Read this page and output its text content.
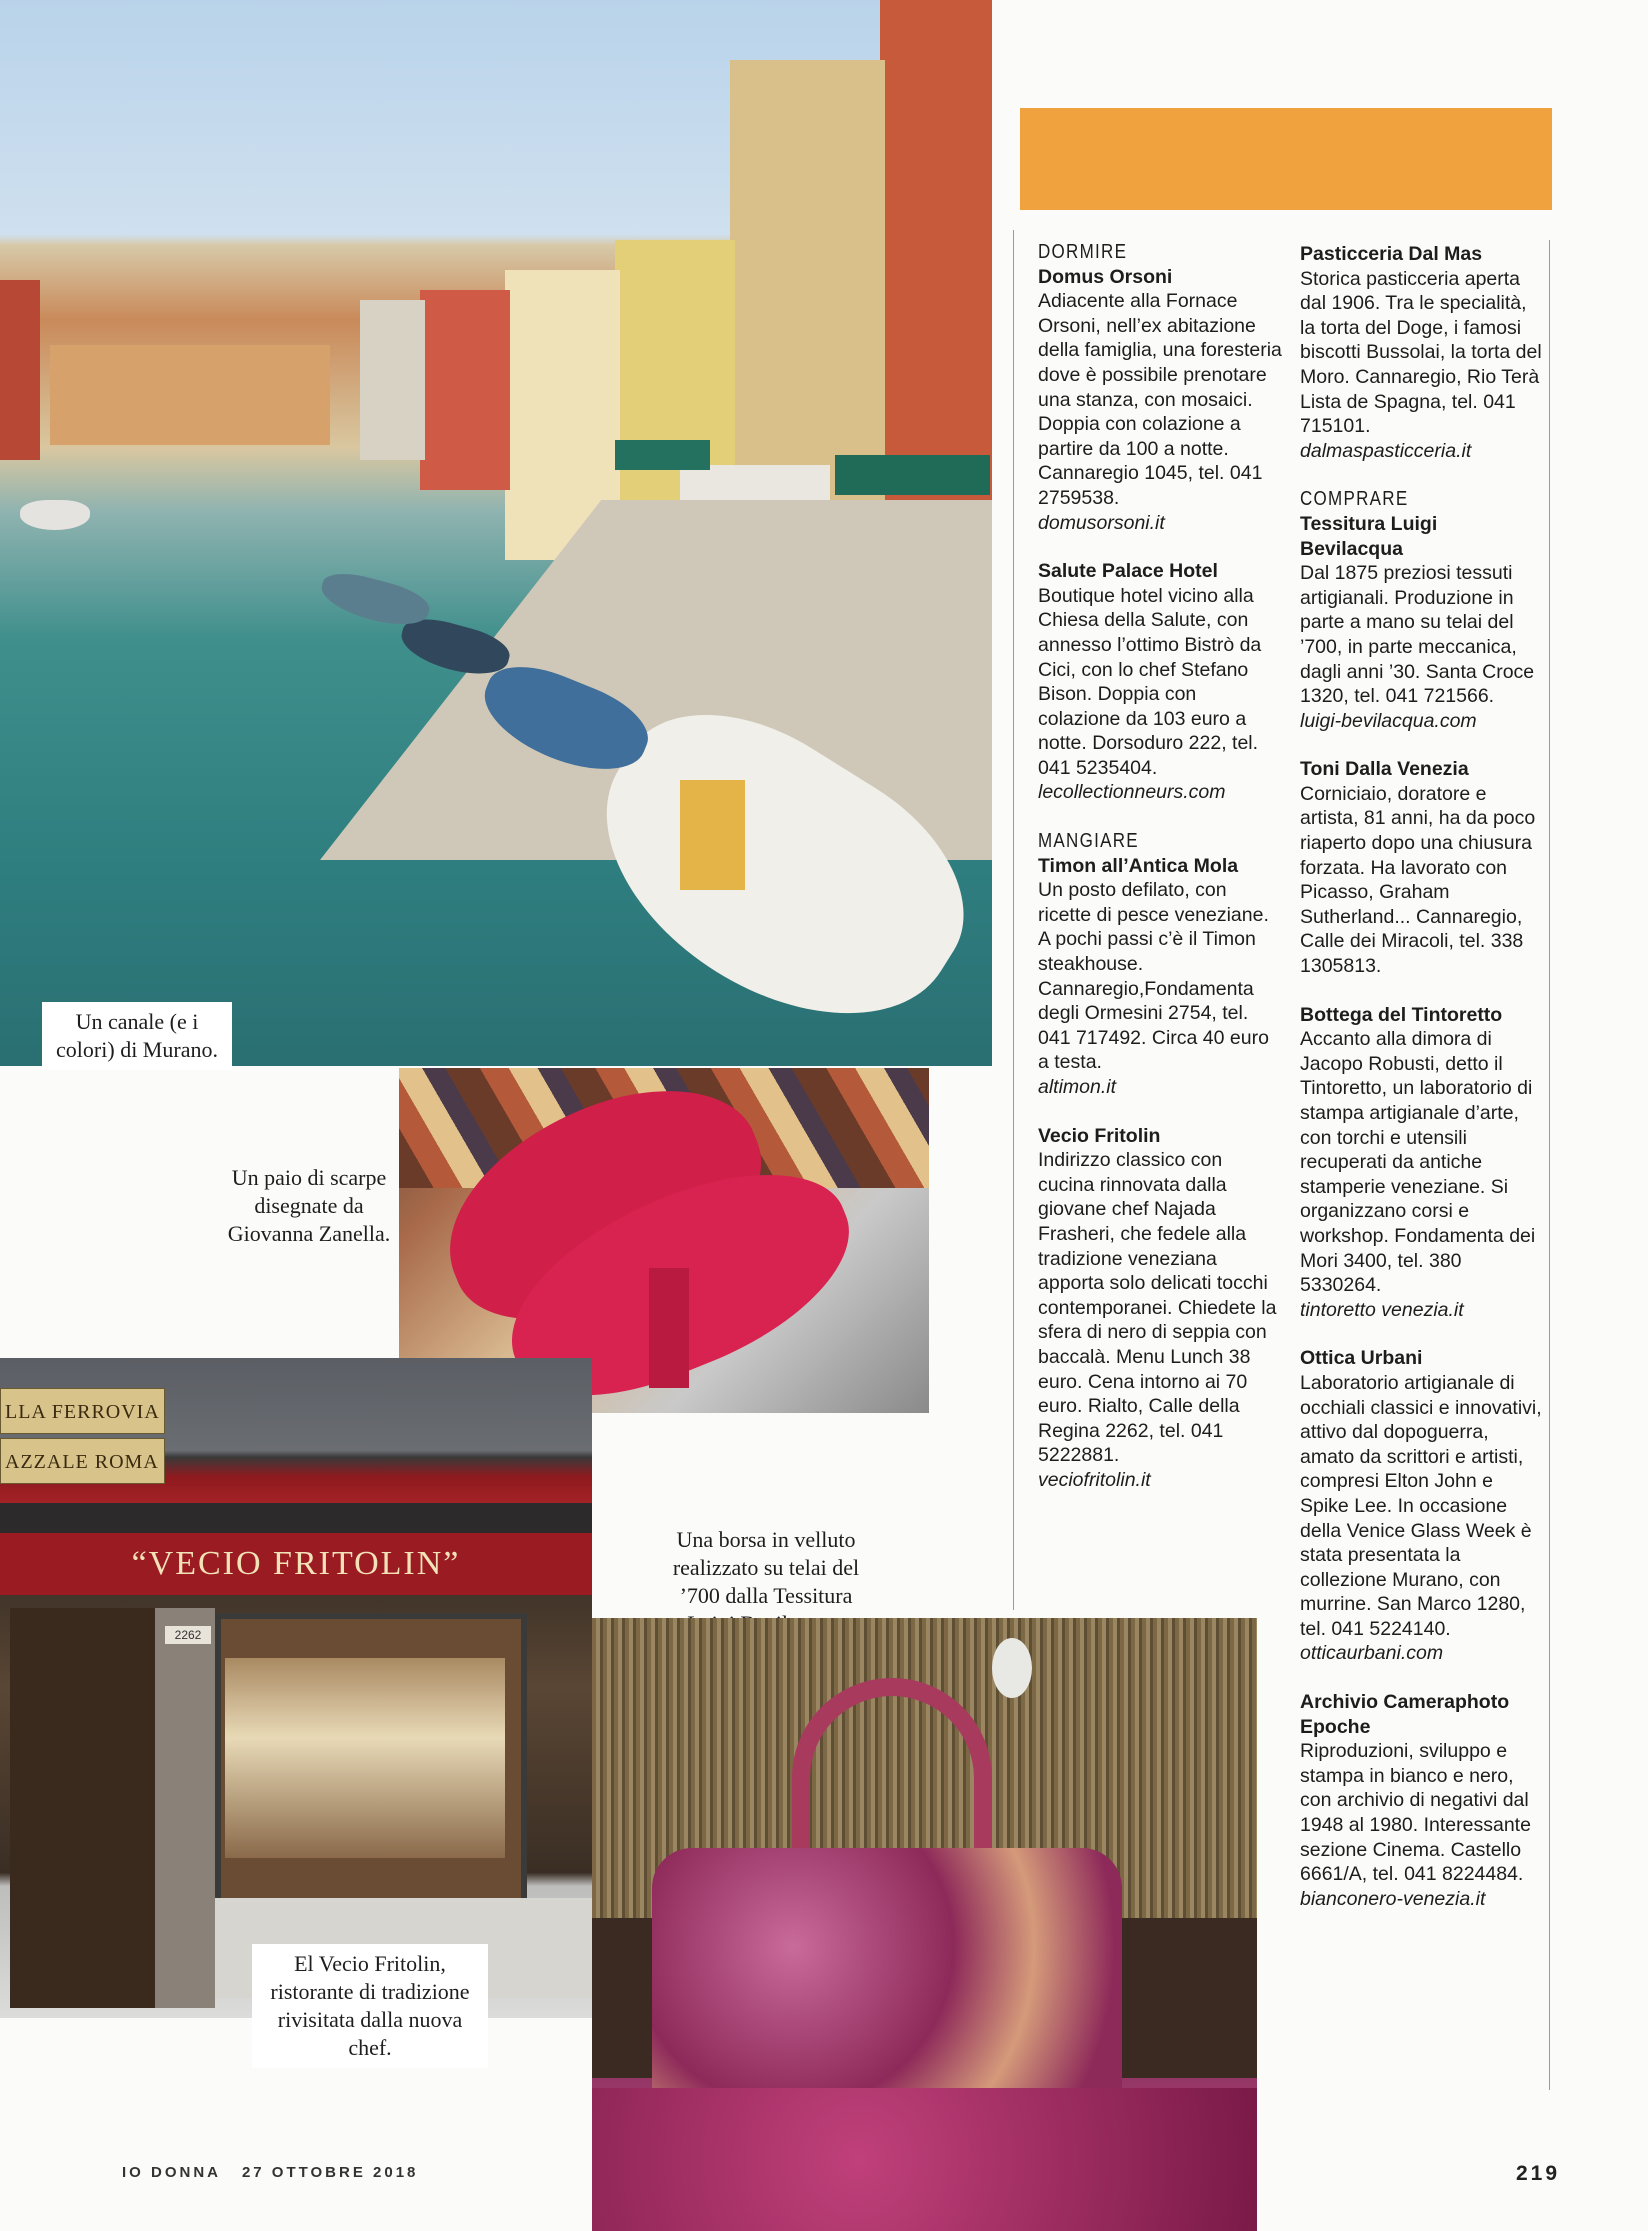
Un canale (e i colori) di Murano.
Un paio di scarpe disegnate da Giovanna Zanella.
LLA FERROVIA
AZZALE ROMA
“VECIO FRITOLIN”
2262
El Vecio Fritolin, ristorante di tradizione rivisitata dalla nuova chef.
Una borsa in velluto realizzato su telai del ’700 dalla Tessitura
DORMIRE
Domus Orsoni

Adiacente alla Fornace Orsoni, nell’ex abitazione della famiglia, una foresteria dove è possibile prenotare una stanza, con mosaici. Doppia con colazione a partire da 100 a notte. Cannaregio 1045, tel. 041 2759538.

domusorsoni.it
Salute Palace Hotel

Boutique hotel vicino alla Chiesa della Salute, con annesso l’ottimo Bistrò da Cici, con lo chef Stefano Bison. Doppia con colazione da 103 euro a notte. Dorsoduro 222, tel. 041 5235404.

lecollectionneurs.com
MANGIARE
Timon all’Antica Mola

Un posto defilato, con ricette di pesce veneziane. A pochi passi c’è il Timon steakhouse. Cannaregio,Fondamenta degli Ormesini 2754, tel. 041 717492. Circa 40 euro a testa.

altimon.it
Vecio Fritolin

Indirizzo classico con cucina rinnovata dalla giovane chef Najada Frasheri, che fedele alla tradizione veneziana apporta solo delicati tocchi contemporanei. Chiedete la sfera di nero di seppia con baccalà. Menu Lunch 38 euro. Cena intorno ai 70 euro. Rialto, Calle della Regina 2262, tel. 041 5222881.

veciofritolin.it
Pasticceria Dal Mas

Storica pasticceria aperta dal 1906. Tra le specialità, la torta del Doge, i famosi biscotti Bussolai, la torta del Moro. Cannaregio, Rio Terà Lista de Spagna, tel. 041 715101.

dalmaspasticceria.it
COMPRARE
Tessitura Luigi Bevilacqua

Dal 1875 preziosi tessuti artigianali. Produzione in parte a mano su telai del ’700, in parte meccanica, dagli anni ’30. Santa Croce 1320, tel. 041 721566.

luigi-bevilacqua.com
Toni Dalla Venezia

Corniciaio, doratore e artista, 81 anni, ha da poco riaperto dopo una chiusura forzata. Ha lavorato con Picasso, Graham Sutherland... Cannaregio, Calle dei Miracoli, tel. 338 1305813.

Bottega del Tintoretto

Accanto alla dimora di Jacopo Robusti, detto il Tintoretto, un laboratorio di stampa artigianale d’arte, con torchi e utensili recuperati da antiche stamperie veneziane. Si organizzano corsi e workshop. Fondamenta dei Mori 3400, tel. 380 5330264.

tintoretto venezia.it
Ottica Urbani

Laboratorio artigianale di occhiali classici e innovativi, attivo dal dopoguerra, amato da scrittori e artisti, compresi Elton John e Spike Lee. In occasione della Venice Glass Week è stata presentata la collezione Murano, con murrine. San Marco 1280, tel. 041 5224140.

otticaurbani.com
Archivio Cameraphoto Epoche

Riproduzioni, sviluppo e stampa in bianco e nero, con archivio di negativi dal 1948 al 1980. Interessante sezione Cinema. Castello 6661/A, tel. 041 8224484.

bianconero-venezia.it
IO DONNA   27 OTTOBRE 2018	219
